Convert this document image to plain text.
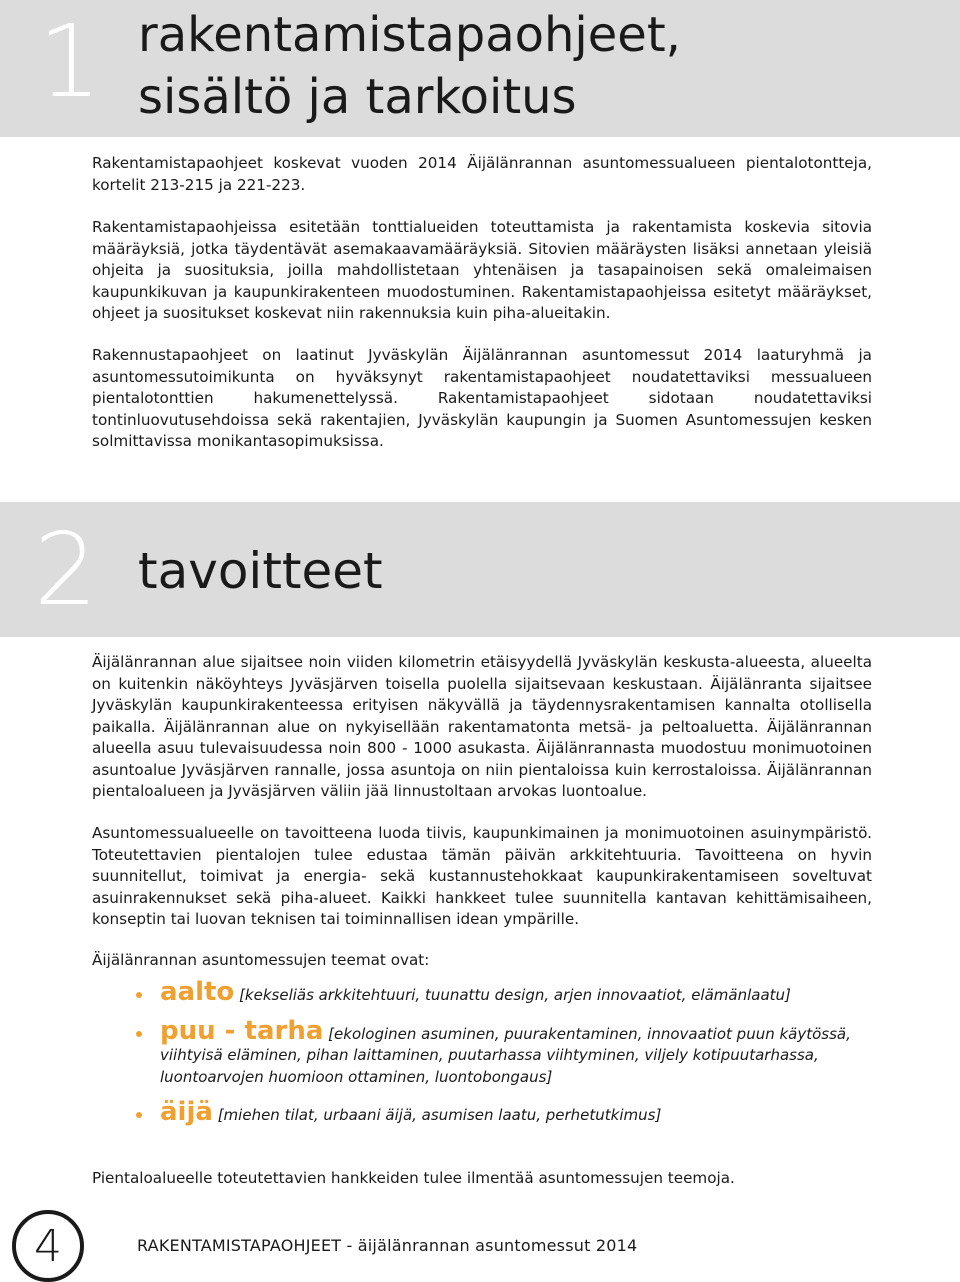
1 rakentamistapaohjeet,
sisältö ja tarkoitus

Rakentamistapaohjeet koskevat vuoden 2014 Äijälänrannan asuntomessualueen pientalotontteja, kortelit 213-215 ja 221-223.

Rakentamistapaohjeissa esitetään tonttialueiden toteuttamista ja rakentamista koskevia sitovia määräyksiä, jotka täydentävät asemakaavamääräyksiä. Sitovien määräysten lisäksi annetaan yleisiä ohjeita ja suosituksia, joilla mahdollistetaan yhtenäisen ja tasapainoisen sekä omaleimaisen kaupunkikuvan ja kaupunkirakenteen muodostuminen. Rakentamistapaohjeissa esitetyt määräykset, ohjeet ja suositukset koskevat niin rakennuksia kuin piha-alueitakin.

Rakennustapaohjeet on laatinut Jyväskylän Äijälänrannan asuntomessut 2014 laaturyhmä ja asuntomessutoimikunta on hyväksynyt rakentamistapaohjeet noudatettaviksi messualueen pientalotonttien hakumenettelyssä. Rakentamistapaohjeet sidotaan noudatettaviksi tontinluovutusehdoissa sekä rakentajien, Jyväskylän kaupungin ja Suomen Asuntomessujen kesken solmittavissa monikantasopimuksissa.

2 tavoitteet

Äijälänrannan alue sijaitsee noin viiden kilometrin etäisyydellä Jyväskylän keskusta-alueesta, alueelta on kuitenkin näköyhteys Jyväsjärven toisella puolella sijaitsevaan keskustaan. Äijälänranta sijaitsee Jyväskylän kaupunkirakenteessa erityisen näkyvällä ja täydennysrakentamisen kannalta otollisella paikalla. Äijälänrannan alue on nykyisellään rakentamatonta metsä- ja peltoaluetta. Äijälänrannan alueella asuu tulevaisuudessa noin 800 - 1000 asukasta. Äijälänrannasta muodostuu monimuotoinen asuntoalue Jyväsjärven rannalle, jossa asuntoja on niin pientaloissa kuin kerrostaloissa. Äijälänrannan pientaloalueen ja Jyväsjärven väliin jää linnustoltaan arvokas luontoalue.

Asuntomessualueelle on tavoitteena luoda tiivis, kaupunkimainen ja monimuotoinen asuinympäristö. Toteutettavien pientalojen tulee edustaa tämän päivän arkkitehtuuria. Tavoitteena on hyvin suunnitellut, toimivat ja energia- sekä kustannustehokkaat kaupunkirakentamiseen soveltuvat asuinrakennukset sekä piha-alueet. Kaikki hankkeet tulee suunnitella kantavan kehittämisaiheen, konseptin tai luovan teknisen tai toiminnallisen idean ympärille.

Äijälänrannan asuntomessujen teemat ovat:

aalto [kekseliäs arkkitehtuuri, tuunattu design, arjen innovaatiot, elämänlaatu]
puu - tarha [ekologinen asuminen, puurakentaminen, innovaatiot puun käytössä, viihtyisä eläminen, pihan laittaminen, puutarhassa viihtyminen, viljely kotipuutarhassa, luontoarvojen huomioon ottaminen, luontobongaus]
äijä [miehen tilat, urbaani äijä, asumisen laatu, perhetutkimus]

Pientaloalueelle toteutettavien hankkeiden tulee ilmentää asuntomessujen teemoja.

4	RAKENTAMISTAPAOHJEET - äijälänrannan asuntomessut 2014
